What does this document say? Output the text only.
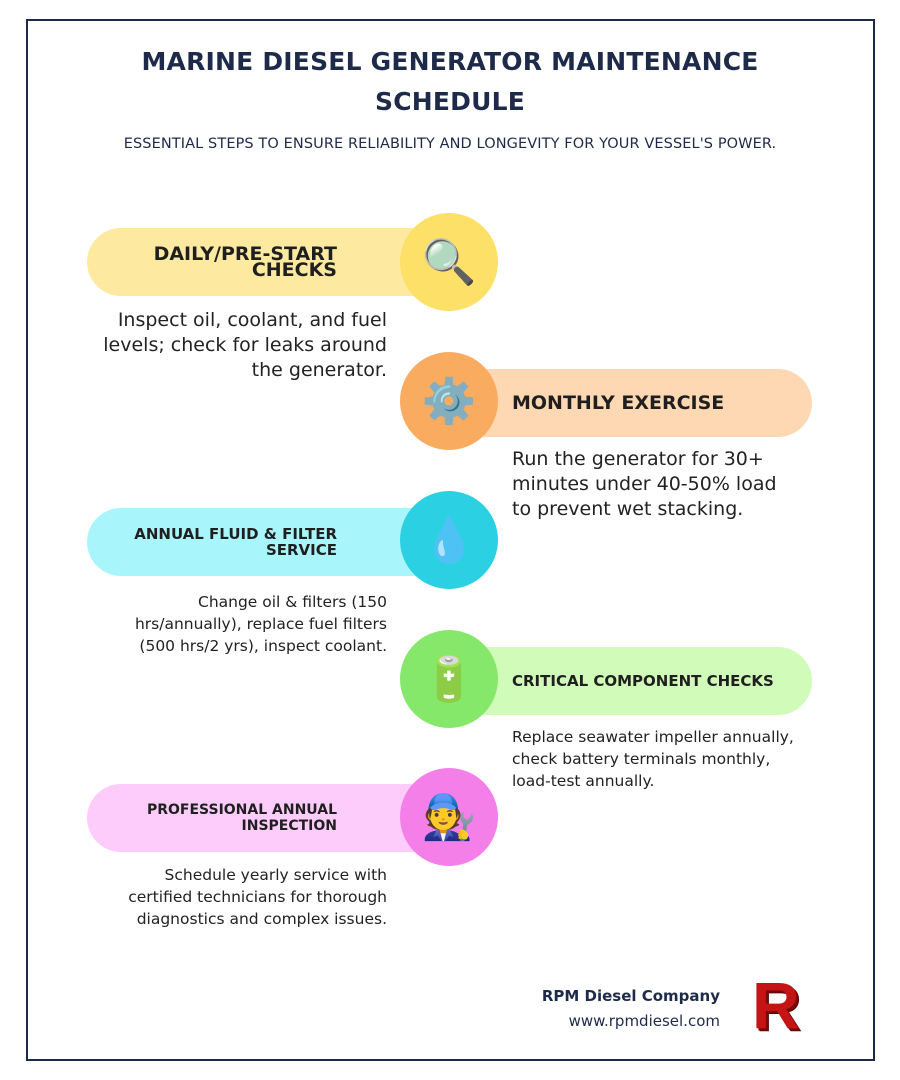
MARINE DIESEL GENERATOR MAINTENANCE
SCHEDULE
ESSENTIAL STEPS TO ENSURE RELIABILITY AND LONGEVITY FOR YOUR VESSEL'S POWER.
DAILY/PRE-START CHECKS 🔍
Inspect oil, coolant, and fuel levels; check for leaks around the generator.
MONTHLY EXERCISE
⚙️
Run the generator for 30+ minutes under 40-50% load to prevent wet stacking.
ANNUAL FLUID & FILTER SERVICE 💧
Change oil & filters (150 hrs/annually), replace fuel filters (500 hrs/2 yrs), inspect coolant.
CRITICAL COMPONENT CHECKS
🔋
Replace seawater impeller annually, check battery terminals monthly, load-test annually.
PROFESSIONAL ANNUAL INSPECTION 🧑‍🔧
Schedule yearly service with certified technicians for thorough diagnostics and complex issues.
RPM Diesel Company
www.rpmdiesel.com R
